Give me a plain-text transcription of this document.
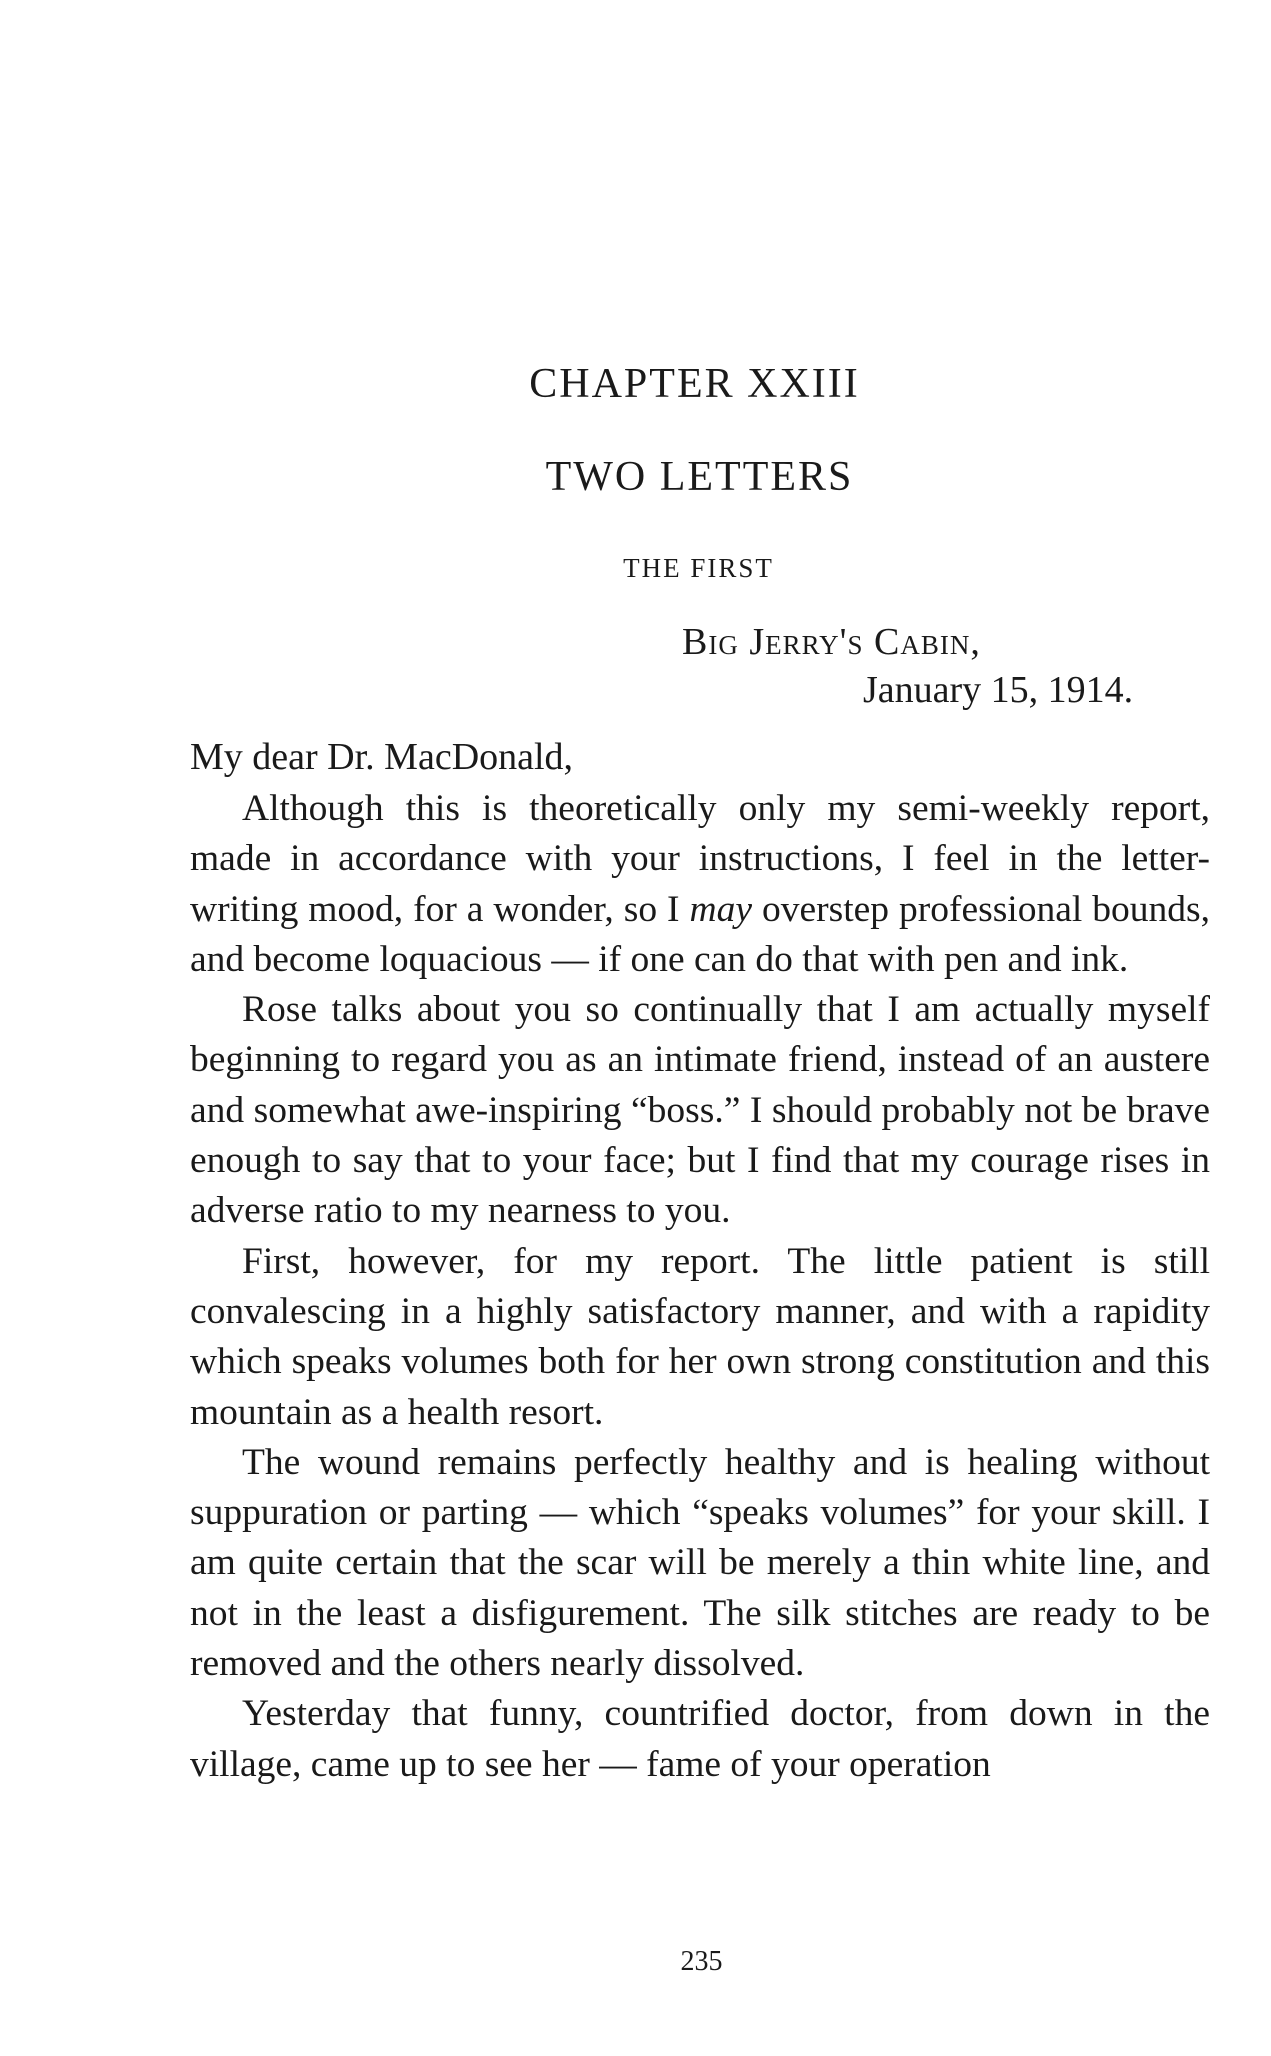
CHAPTER XXIII
TWO LETTERS
THE FIRST
Big Jerry's Cabin,
January 15, 1914.
My dear Dr. MacDonald,

Although this is theoretically only my semi-weekly report, made in accordance with your instructions, I feel in the letter-writing mood, for a wonder, so I may overstep professional bounds, and become loquacious — if one can do that with pen and ink.

Rose talks about you so continually that I am actually myself beginning to regard you as an intimate friend, instead of an austere and somewhat awe-inspiring “boss.” I should probably not be brave enough to say that to your face; but I find that my courage rises in adverse ratio to my nearness to you.

First, however, for my report. The little patient is still convalescing in a highly satisfactory manner, and with a rapidity which speaks volumes both for her own strong constitution and this mountain as a health resort.

The wound remains perfectly healthy and is healing without suppuration or parting — which “speaks volumes” for your skill. I am quite certain that the scar will be merely a thin white line, and not in the least a disfigurement. The silk stitches are ready to be removed and the others nearly dissolved.

Yesterday that funny, countrified doctor, from down in the village, came up to see her — fame of your operation

235
